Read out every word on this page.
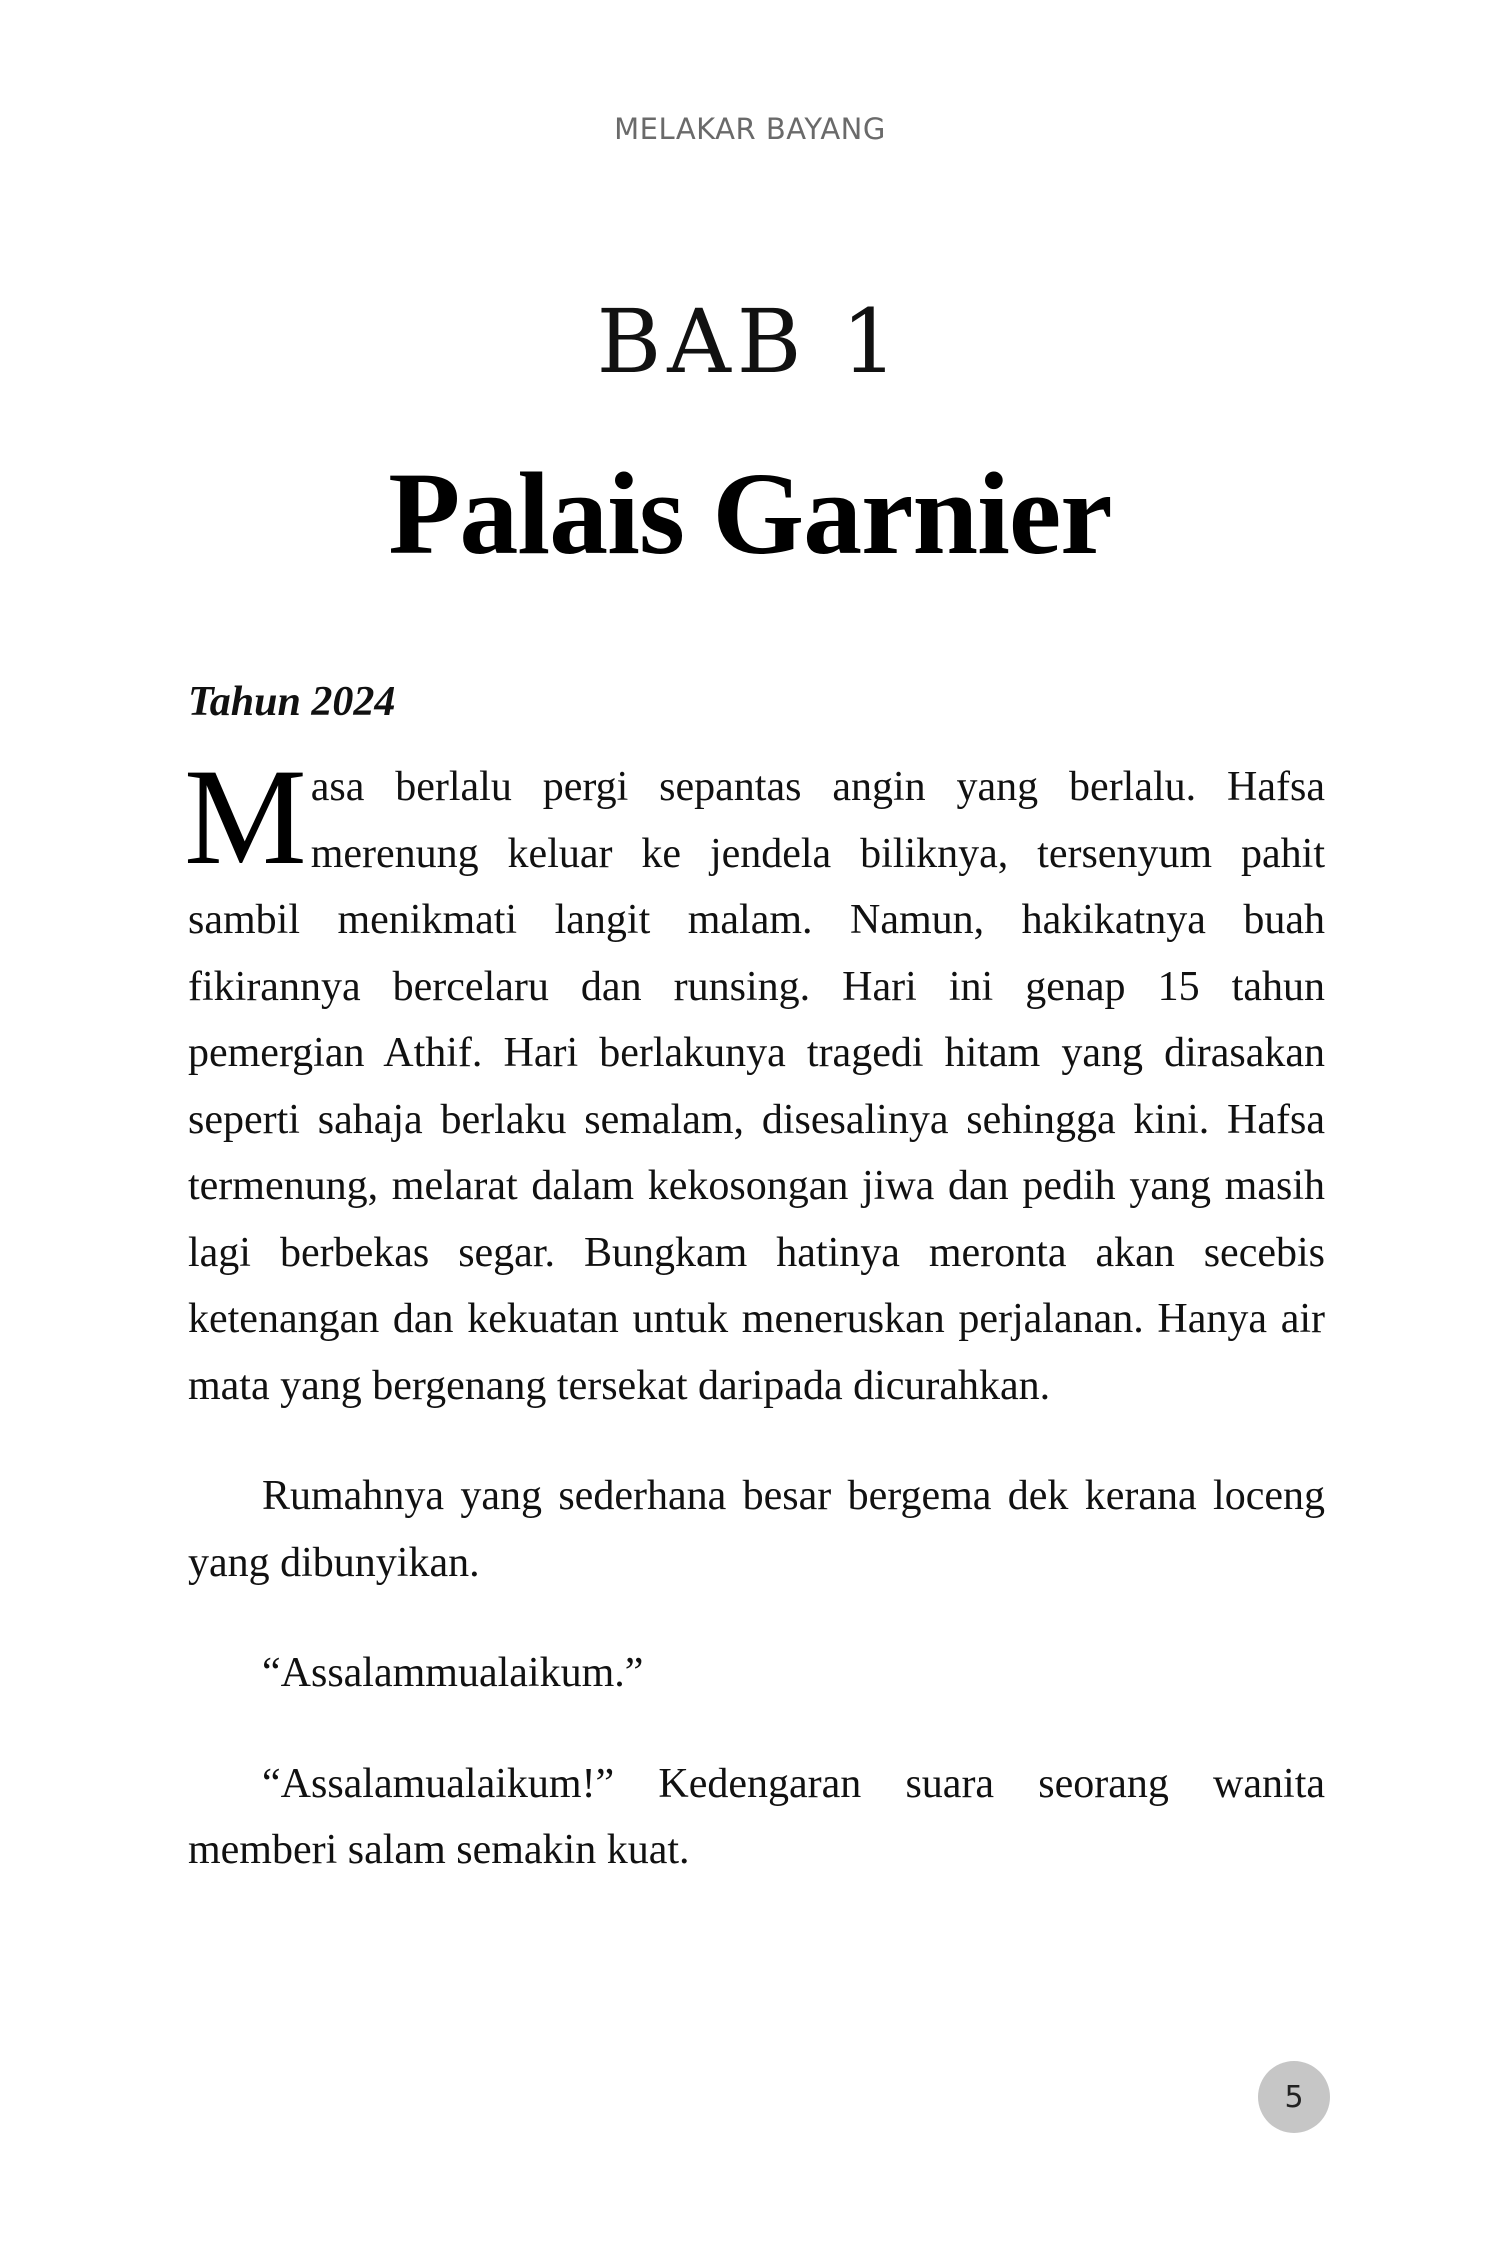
MELAKAR BAYANG
BAB 1
Palais Garnier

Tahun 2024

Masa berlalu pergi sepantas angin yang berlalu. Hafsa merenung keluar ke jendela biliknya, tersenyum pahit sambil menikmati langit malam. Namun, hakikatnya buah fikirannya bercelaru dan runsing. Hari ini genap 15 tahun pemergian Athif. Hari berlakunya tragedi hitam yang dirasakan seperti sahaja berlaku semalam, disesalinya sehingga kini. Hafsa termenung, melarat dalam kekosongan jiwa dan pedih yang masih lagi berbekas segar. Bungkam hatinya meronta akan secebis ketenangan dan kekuatan untuk meneruskan perjalanan. Hanya air mata yang bergenang tersekat daripada dicurahkan.

Rumahnya yang sederhana besar bergema dek kerana loceng yang dibunyikan.

“Assalammualaikum.”

“Assalamualaikum!” Kedengaran suara seorang wanita memberi salam semakin kuat.

5
